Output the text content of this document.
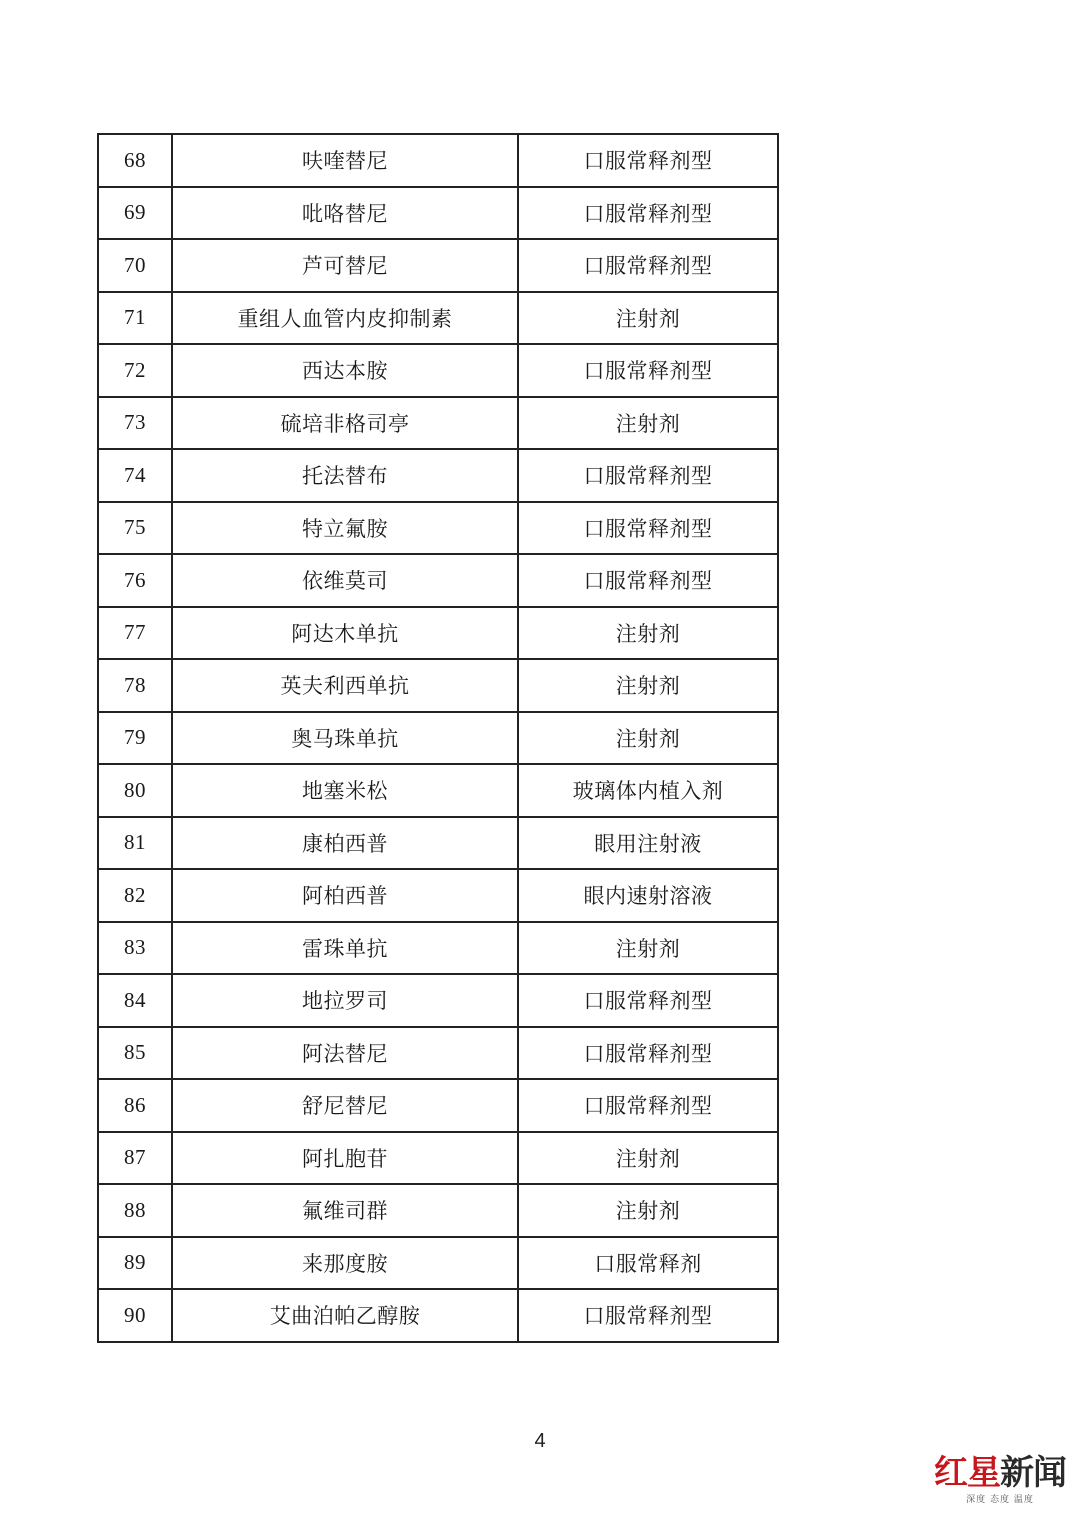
68	呋喹替尼	口服常释剂型
69	吡咯替尼	口服常释剂型
70	芦可替尼	口服常释剂型
71	重组人血管内皮抑制素	注射剂
72	西达本胺	口服常释剂型
73	硫培非格司亭	注射剂
74	托法替布	口服常释剂型
75	特立氟胺	口服常释剂型
76	依维莫司	口服常释剂型
77	阿达木单抗	注射剂
78	英夫利西单抗	注射剂
79	奥马珠单抗	注射剂
80	地塞米松	玻璃体内植入剂
81	康柏西普	眼用注射液
82	阿柏西普	眼内速射溶液
83	雷珠单抗	注射剂
84	地拉罗司	口服常释剂型
85	阿法替尼	口服常释剂型
86	舒尼替尼	口服常释剂型
87	阿扎胞苷	注射剂
88	氟维司群	注射剂
89	来那度胺	口服常释剂
90	艾曲泊帕乙醇胺	口服常释剂型
4
红星新闻
深度 态度 温度
